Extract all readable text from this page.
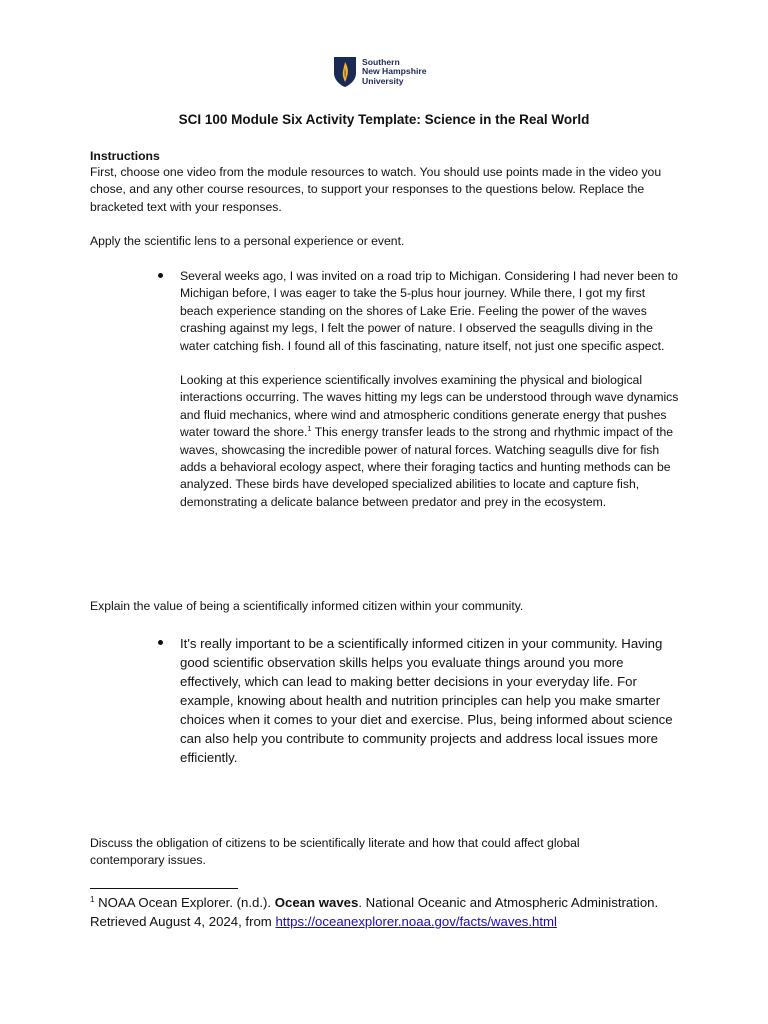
Southern
New Hampshire
University
SCI 100 Module Six Activity Template: Science in the Real World
Instructions
First, choose one video from the module resources to watch. You should use points made in the video you chose, and any other course resources, to support your responses to the questions below. Replace the bracketed text with your responses.
Apply the scientific lens to a personal experience or event.

Several weeks ago, I was invited on a road trip to Michigan. Considering I had never been to Michigan before, I was eager to take the 5-plus hour journey. While there, I got my first beach experience standing on the shores of Lake Erie. Feeling the power of the waves crashing against my legs, I felt the power of nature. I observed the seagulls diving in the water catching fish. I found all of this fascinating, nature itself, not just one specific aspect.

Looking at this experience scientifically involves examining the physical and biological interactions occurring. The waves hitting my legs can be understood through wave dynamics and fluid mechanics, where wind and atmospheric conditions generate energy that pushes water toward the shore.$^1$ This energy transfer leads to the strong and rhythmic impact of the waves, showcasing the incredible power of natural forces. Watching seagulls dive for fish adds a behavioral ecology aspect, where their foraging tactics and hunting methods can be analyzed. These birds have developed specialized abilities to locate and capture fish, demonstrating a delicate balance between predator and prey in the ecosystem.

Explain the value of being a scientifically informed citizen within your community.

It's really important to be a scientifically informed citizen in your community. Having good scientific observation skills helps you evaluate things around you more effectively, which can lead to making better decisions in your everyday life. For example, knowing about health and nutrition principles can help you make smarter choices when it comes to your diet and exercise. Plus, being informed about science can also help you contribute to community projects and address local issues more efficiently.

Discuss the obligation of citizens to be scientifically literate and how that could affect global contemporary issues.
$^1$ NOAA Ocean Explorer. (n.d.). Ocean waves. National Oceanic and Atmospheric Administration. Retrieved August 4, 2024, from https://oceanexplorer.noaa.gov/facts/waves.html
